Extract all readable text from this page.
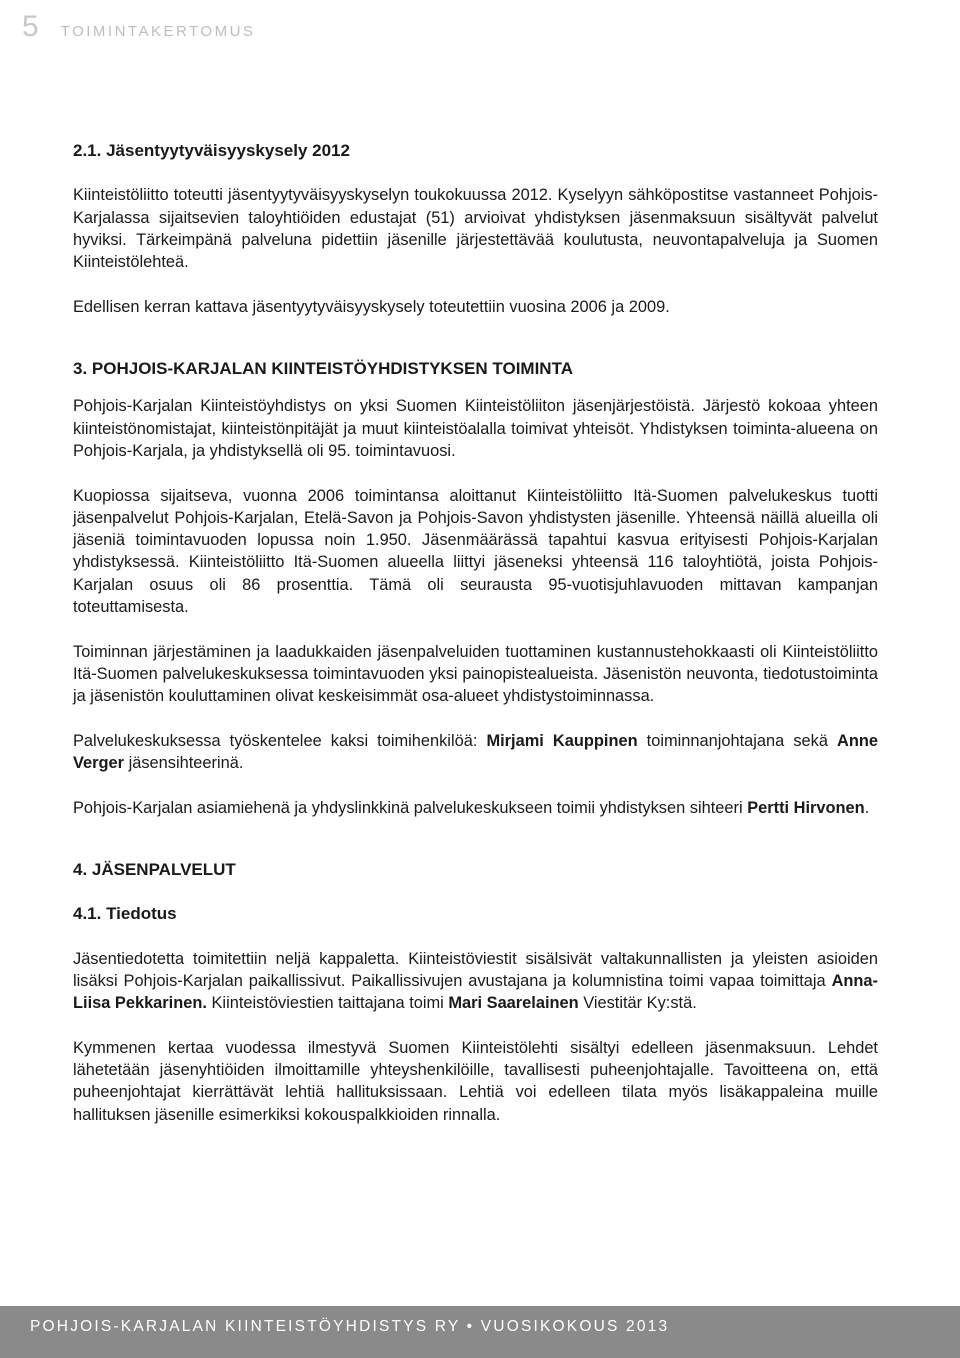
5 TOIMINTAKERTOMUS
2.1. Jäsentyytyväisyyskysely 2012

Kiinteistöliitto toteutti jäsentyytyväisyyskyselyn toukokuussa 2012. Kyselyyn sähköpostitse vastanneet Pohjois-Karjalassa sijaitsevien taloyhtiöiden edustajat (51) arvioivat yhdistyksen jäsenmaksuun sisältyvät palvelut hyviksi. Tärkeimpänä palveluna pidettiin jäsenille järjestettävää koulutusta, neuvontapalveluja ja Suomen Kiinteistölehteä.

Edellisen kerran kattava jäsentyytyväisyyskysely toteutettiin vuosina 2006 ja 2009.

3. POHJOIS-KARJALAN KIINTEISTÖYHDISTYKSEN TOIMINTA

Pohjois-Karjalan Kiinteistöyhdistys on yksi Suomen Kiinteistöliiton jäsenjärjestöistä. Järjestö kokoaa yhteen kiinteistönomistajat, kiinteistönpitäjät ja muut kiinteistöalalla toimivat yhteisöt. Yhdistyksen toiminta-alueena on Pohjois-Karjala, ja yhdistyksellä oli 95. toimintavuosi.

Kuopiossa sijaitseva, vuonna 2006 toimintansa aloittanut Kiinteistöliitto Itä-Suomen palvelukeskus tuotti jäsenpalvelut Pohjois-Karjalan, Etelä-Savon ja Pohjois-Savon yhdistysten jäsenille. Yhteensä näillä alueilla oli jäseniä toimintavuoden lopussa noin 1.950. Jäsenmäärässä tapahtui kasvua erityisesti Pohjois-Karjalan yhdistyksessä. Kiinteistöliitto Itä-Suomen alueella liittyi jäseneksi yhteensä 116 taloyhtiötä, joista Pohjois-Karjalan osuus oli 86 prosenttia. Tämä oli seurausta 95-vuotisjuhlavuoden mittavan kampanjan toteuttamisesta.

Toiminnan järjestäminen ja laadukkaiden jäsenpalveluiden tuottaminen kustannustehokkaasti oli Kiinteistöliitto Itä-Suomen palvelukeskuksessa toimintavuoden yksi painopistealueista. Jäsenistön neuvonta, tiedotustoiminta ja jäsenistön kouluttaminen olivat keskeisimmät osa-alueet yhdistystoiminnassa.

Palvelukeskuksessa työskentelee kaksi toimihenkilöä: Mirjami Kauppinen toiminnanjohtajana sekä Anne Verger jäsensihteerinä.

Pohjois-Karjalan asiamiehenä ja yhdyslinkkinä palvelukeskukseen toimii yhdistyksen sihteeri Pertti Hirvonen.

4. JÄSENPALVELUT
4.1. Tiedotus

Jäsentiedotetta toimitettiin neljä kappaletta. Kiinteistöviestit sisälsivät valtakunnallisten ja yleisten asioiden lisäksi Pohjois-Karjalan paikallissivut. Paikallissivujen avustajana ja kolumnistina toimi vapaa toimittaja Anna-Liisa Pekkarinen. Kiinteistöviestien taittajana toimi Mari Saarelainen Viestitär Ky:stä.

Kymmenen kertaa vuodessa ilmestyvä Suomen Kiinteistölehti sisältyi edelleen jäsenmaksuun. Lehdet lähetetään jäsenyhtiöiden ilmoittamille yhteyshenkilöille, tavallisesti puheenjohtajalle. Tavoitteena on, että puheenjohtajat kierrättävät lehtiä hallituksissaan. Lehtiä voi edelleen tilata myös lisäkappaleina muille hallituksen jäsenille esimerkiksi kokouspalkkioiden rinnalla.

POHJOIS-KARJALAN KIINTEISTÖYHDISTYS RY • VUOSIKOKOUS 2013
